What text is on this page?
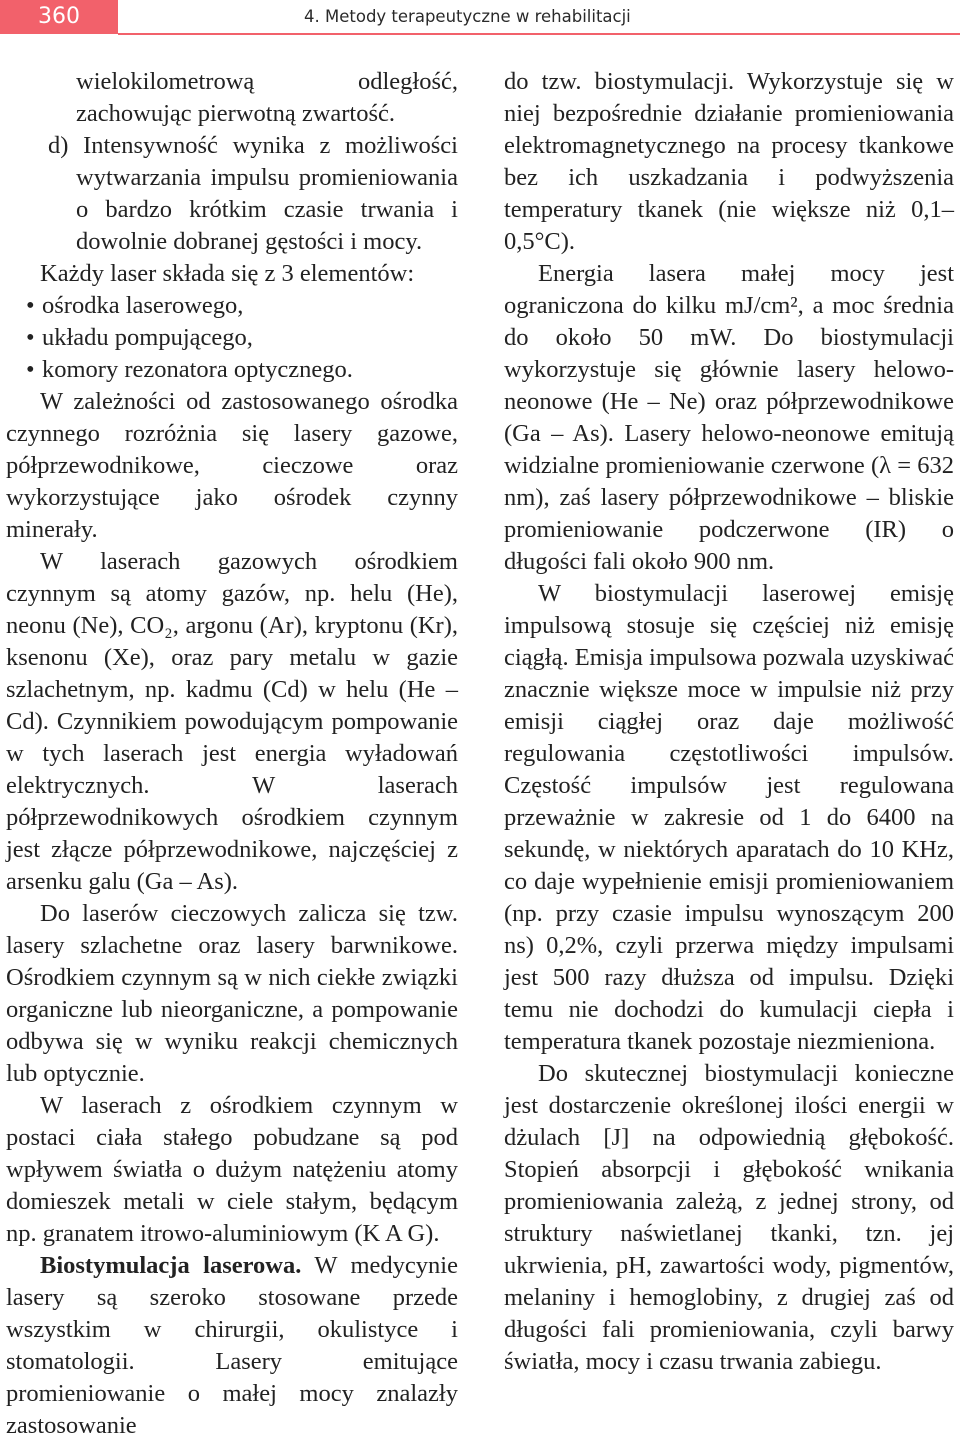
360	4. Metody terapeutyczne w rehabilitacji

wielokilometrową odległość, zachowując pierwotną zwartość.

d) Intensywność wynika z możliwości wytwarzania impulsu promieniowania o bardzo krótkim czasie trwania i dowolnie dobranej gęstości i mocy.

Każdy laser składa się z 3 elementów:

• ośrodka laserowego,

• układu pompującego,

• komory rezonatora optycznego.

W zależności od zastosowanego ośrodka czynnego rozróżnia się lasery gazowe, półprzewodnikowe, cieczowe oraz wykorzystujące jako ośrodek czynny minerały.

W laserach gazowych ośrodkiem czynnym są atomy gazów, np. helu (He), neonu (Ne), CO₂, argonu (Ar), kryptonu (Kr), ksenonu (Xe), oraz pary metalu w gazie szlachetnym, np. kadmu (Cd) w helu (He – Cd). Czynnikiem powodującym pompowanie w tych laserach jest energia wyładowań elektrycznych. W laserach półprzewodnikowych ośrodkiem czynnym jest złącze półprzewodnikowe, najczęściej z arsenku galu (Ga – As).

Do laserów cieczowych zalicza się tzw. lasery szlachetne oraz lasery barwnikowe. Ośrodkiem czynnym są w nich ciekłe związki organiczne lub nieorganiczne, a pompowanie odbywa się w wyniku reakcji chemicznych lub optycznie.

W laserach z ośrodkiem czynnym w postaci ciała stałego pobudzane są pod wpływem światła o dużym natężeniu atomy domieszek metali w ciele stałym, będącym np. granatem itrowo-aluminiowym (K A G).

Biostymulacja laserowa. W medycynie lasery są szeroko stosowane przede wszystkim w chirurgii, okulistyce i stomatologii. Lasery emitujące promieniowanie o małej mocy znalazły zastosowanie

do tzw. biostymulacji. Wykorzystuje się w niej bezpośrednie działanie promieniowania elektromagnetycznego na procesy tkankowe bez ich uszkadzania i podwyższenia temperatury tkanek (nie większe niż 0,1–0,5°C).

Energia lasera małej mocy jest ograniczona do kilku mJ/cm², a moc średnia do około 50 mW. Do biostymulacji wykorzystuje się głównie lasery helowo-neonowe (He – Ne) oraz półprzewodnikowe (Ga – As). Lasery helowo-neonowe emitują widzialne promieniowanie czerwone (λ = 632 nm), zaś lasery półprzewodnikowe – bliskie promieniowanie podczerwone (IR) o długości fali około 900 nm.

W biostymulacji laserowej emisję impulsową stosuje się częściej niż emisję ciągłą. Emisja impulsowa pozwala uzyskiwać znacznie większe moce w impulsie niż przy emisji ciągłej oraz daje możliwość regulowania częstotliwości impulsów. Częstość impulsów jest regulowana przeważnie w zakresie od 1 do 6400 na sekundę, w niektórych aparatach do 10 KHz, co daje wypełnienie emisji promieniowaniem (np. przy czasie impulsu wynoszącym 200 ns) 0,2%, czyli przerwa między impulsami jest 500 razy dłuższa od impulsu. Dzięki temu nie dochodzi do kumulacji ciepła i temperatura tkanek pozostaje niezmieniona.

Do skutecznej biostymulacji konieczne jest dostarczenie określonej ilości energii w dżulach [J] na odpowiednią głębokość. Stopień absorpcji i głębokość wnikania promieniowania zależą, z jednej strony, od struktury naświetlanej tkanki, tzn. jej ukrwienia, pH, zawartości wody, pigmentów, melaniny i hemoglobiny, z drugiej zaś od długości fali promieniowania, czyli barwy światła, mocy i czasu trwania zabiegu.
